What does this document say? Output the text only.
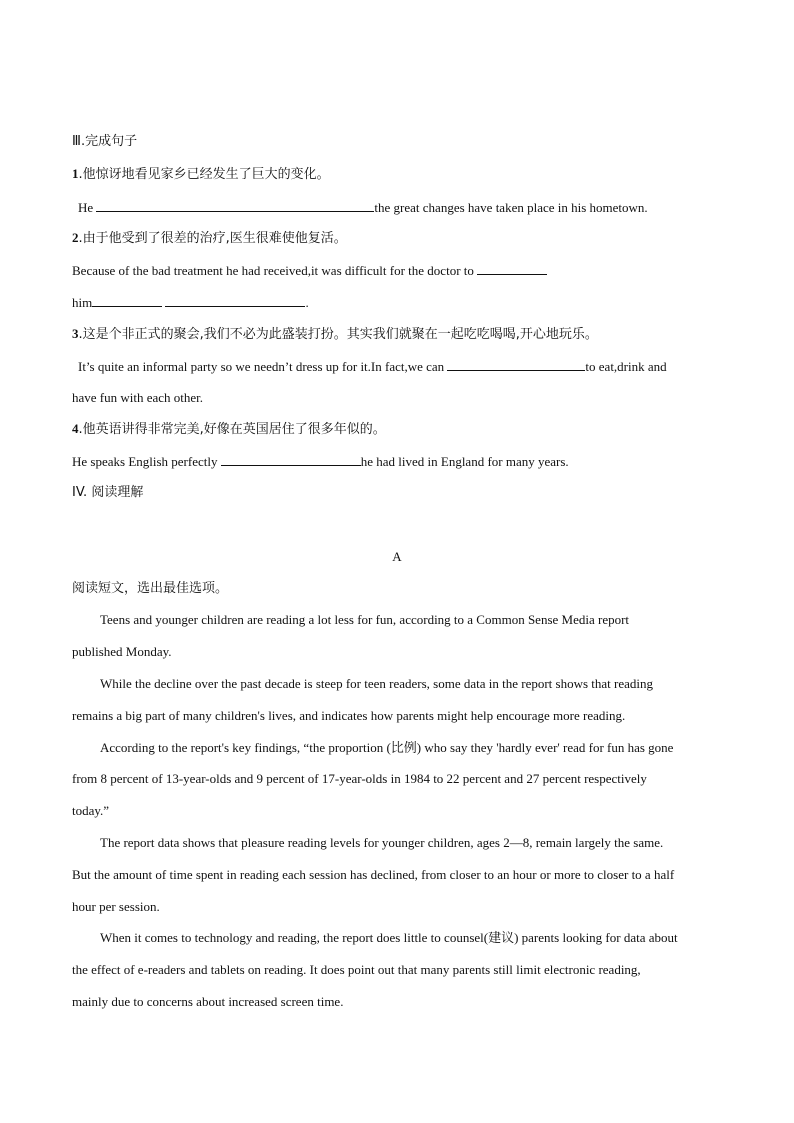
Ⅲ.完成句子
1.他惊讶地看见家乡已经发生了巨大的变化。
He	the great changes have taken place in his hometown.
2.由于他受到了很差的治疗,医生很难使他复活。
Because of the bad treatment he had received,it was difficult for the doctor to
him	.
3.这是个非正式的聚会,我们不必为此盛装打扮。其实我们就聚在一起吃吃喝喝,开心地玩乐。
It’s quite an informal party so we needn’t dress up for it.In fact,we can	to eat,drink and
have fun with each other.
4.他英语讲得非常完美,好像在英国居住了很多年似的。
He speaks English perfectly	he had lived in England for many years.
IV. 阅读理解
A
阅读短文，选出最佳选项。
Teens and younger children are reading a lot less for fun, according to a Common Sense Media report
published Monday.
While the decline over the past decade is steep for teen readers, some data in the report shows that reading
remains a big part of many children's lives, and indicates how parents might help encourage more reading.
According to the report's key findings, “the proportion (比例) who say they 'hardly ever' read for fun has gone
from 8 percent of 13-year-olds and 9 percent of 17-year-olds in 1984 to 22 percent and 27 percent respectively
today.”
The report data shows that pleasure reading levels for younger children, ages 2—8, remain largely the same.
But the amount of time spent in reading each session has declined, from closer to an hour or more to closer to a half
hour per session.
When it comes to technology and reading, the report does little to counsel(建议) parents looking for data about
the effect of e-readers and tablets on reading. It does point out that many parents still limit electronic reading,
mainly due to concerns about increased screen time.
